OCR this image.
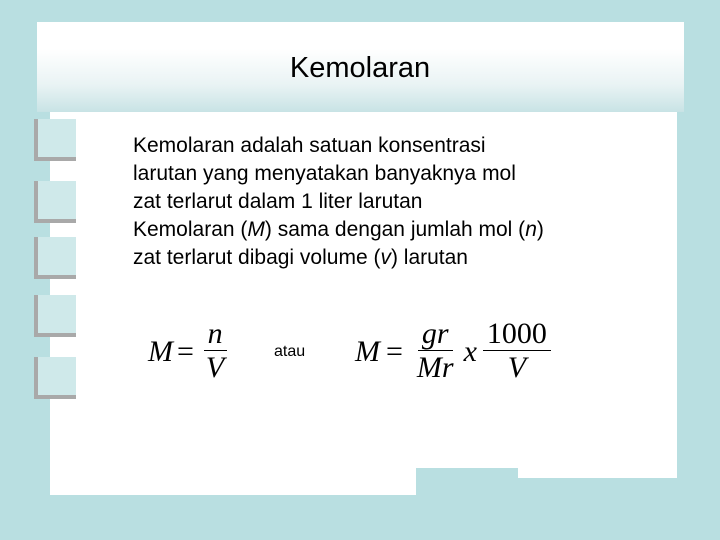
Kemolaran
Kemolaran adalah satuan konsentrasi
larutan yang menyatakan banyaknya mol
zat terlarut dalam 1 liter larutan
Kemolaran (M) sama dengan jumlah mol (n)
zat terlarut dibagi volume (v) larutan
$M = \frac{n}{V}$	atau $M = \frac{gr}{Mr}$ x $\frac{1000}{V}$
